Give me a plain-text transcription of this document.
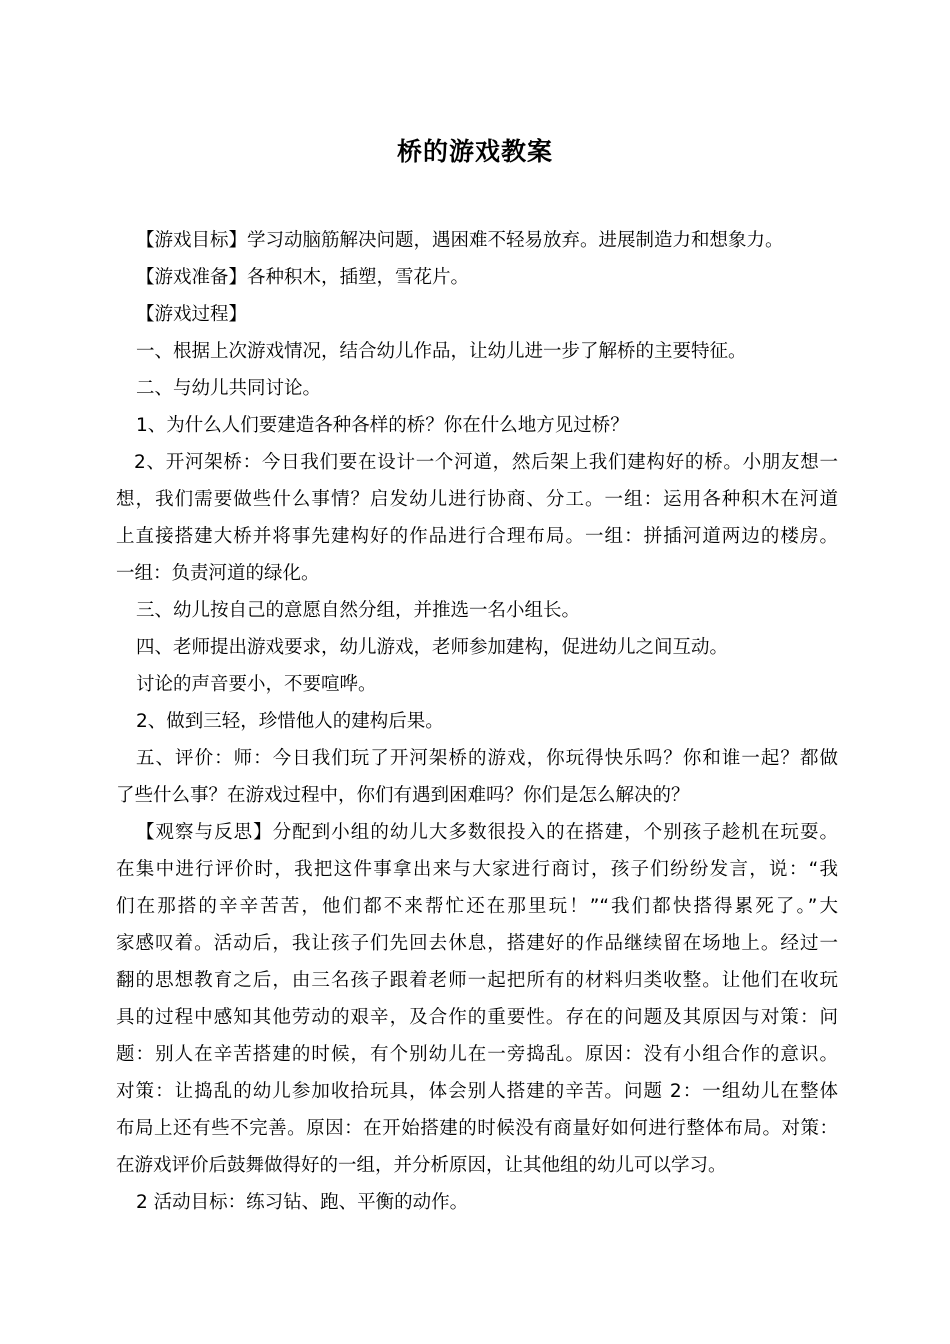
桥的游戏教案
【游戏目标】学习动脑筋解决问题，遇困难不轻易放弃。进展制造力和想象力。
【游戏准备】各种积木，插塑，雪花片。
【游戏过程】
一、根据上次游戏情况，结合幼儿作品，让幼儿进一步了解桥的主要特征。
二、与幼儿共同讨论。
1、为什么人们要建造各种各样的桥？你在什么地方见过桥？
2、开河架桥：今日我们要在设计一个河道，然后架上我们建构好的桥。小朋友想一
想，我们需要做些什么事情？启发幼儿进行协商、分工。一组：运用各种积木在河道
上直接搭建大桥并将事先建构好的作品进行合理布局。一组：拼插河道两边的楼房。
一组：负责河道的绿化。
三、幼儿按自己的意愿自然分组，并推选一名小组长。
四、老师提出游戏要求，幼儿游戏，老师参加建构，促进幼儿之间互动。
讨论的声音要小，不要喧哗。
2、做到三轻，珍惜他人的建构后果。
五、评价：师：今日我们玩了开河架桥的游戏，你玩得快乐吗？你和谁一起？都做
了些什么事？在游戏过程中，你们有遇到困难吗？你们是怎么解决的？
【观察与反思】分配到小组的幼儿大多数很投入的在搭建，个别孩子趁机在玩耍。
在集中进行评价时，我把这件事拿出来与大家进行商讨，孩子们纷纷发言，说：“我
们在那搭的辛辛苦苦，他们都不来帮忙还在那里玩！”“我们都快搭得累死了。”大
家感叹着。活动后，我让孩子们先回去休息，搭建好的作品继续留在场地上。经过一
翻的思想教育之后，由三名孩子跟着老师一起把所有的材料归类收整。让他们在收玩
具的过程中感知其他劳动的艰辛，及合作的重要性。存在的问题及其原因与对策：问
题：别人在辛苦搭建的时候，有个别幼儿在一旁捣乱。原因：没有小组合作的意识。
对策：让捣乱的幼儿参加收拾玩具，体会别人搭建的辛苦。问题 2：一组幼儿在整体
布局上还有些不完善。原因：在开始搭建的时候没有商量好如何进行整体布局。对策：
在游戏评价后鼓舞做得好的一组，并分析原因，让其他组的幼儿可以学习。
2 活动目标：练习钻、跑、平衡的动作。
